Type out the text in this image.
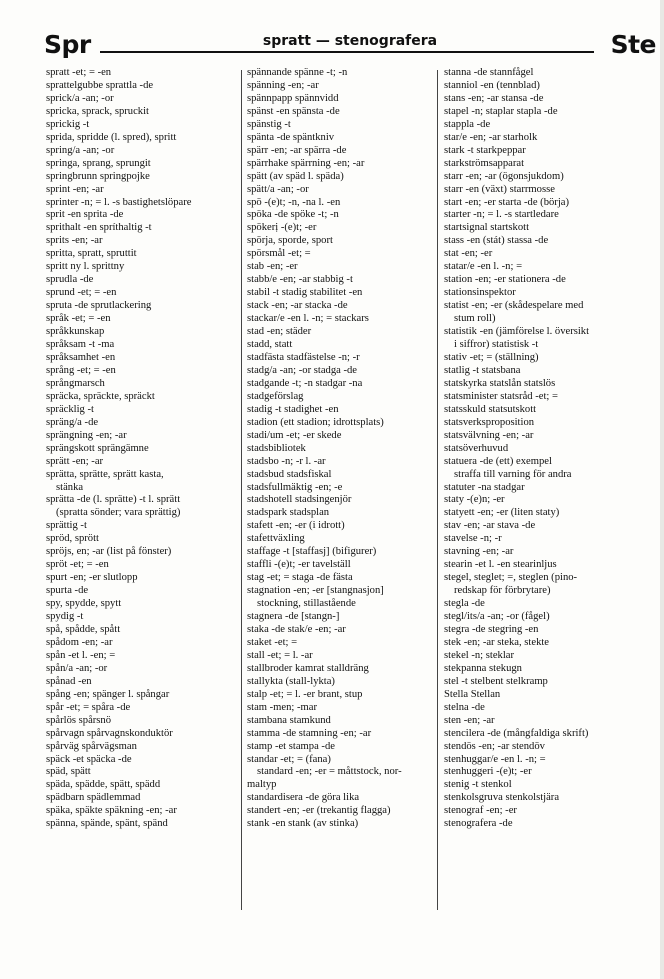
Spr	spratt — stenografera	Ste
spratt -et; = -en
sprattelgubbe sprattla -de
sprick/a -an; -or
spricka, sprack, spruckit
sprickig -t
sprida, spridde (l. spred), spritt
spring/a -an; -or
springa, sprang, sprungit
springbrunn springpojke
sprint -en; -ar
sprinter -n; = l. -s bastighetslöpare
sprit -en sprita -de
sprithalt -en spríthaltig -t
sprits -en; -ar
spritta, spratt, spruttit
spritt ny l. sprittny
sprudla -de
sprund -et; = -en
spruta -de sprutlackering
språk -et; = -en
språkkunskap
språksam -t -ma
språksamhet -en
språng -et; = -en
språngmarsch
spräcka, spräckte, spräckt
spräcklig -t
spräng/a -de
sprängning -en; -ar
sprängskott sprängämne
sprätt -en; -ar
sprätta, sprätte, sprätt kasta,
stänka
sprätta -de (l. sprätte) -t l. sprätt
(spratta sönder; vara sprättig)
sprättig -t
spröd, sprött
spröjs, en; -ar (list på fönster)
spröt -et; = -en
spurt -en; -er slutlopp
spurta -de
spy, spydde, spytt
spydig -t
spå, spådde, spått
spådom -en; -ar
spån -et l. -en; =
spån/a -an; -or
spånad -en
spång -en; spänger l. spångar
spår -et; = spåra -de
spårlös spårsnö
spårvagn spårvagnskonduktör
spårväg spårvägsman
späck -et späcka -de
späd, spätt
späda, spädde, spätt, spädd
spädbarn spädlemmad
späka, späkte späkning -en; -ar
spänna, spände, spänt, spänd
spännande spänne -t; -n
spänning -en; -ar
spännpapp spännvidd
spänst -en spänsta -de
spänstig -t
spänta -de späntkniv
spärr -en; -ar spärra -de
spärrhake spärrning -en; -ar
spätt (av späd l. späda)
spätt/a -an; -or
spö -(e)t; -n, -na l. -en
spöka -de spöke -t; -n
spökerị -(e)t; -er
spörja, sporde, sport
spörsmål -et; =
stab -en; -er
stabb/e -en; -ar stabbig -t
stabil -t stadig stabilitet -en
stack -en; -ar stacka -de
stackar/e -en l. -n; = stackars
stad -en; städer
stadd, statt
stadfästa stadfästelse -n; -r
stadg/a -an; -or stadga -de
stadgande -t; -n stadgar -na
stadgeförslag
stadig -t stadighet -en
stadion (ett stadion; idrottsplats)
stadi/um -et; -er skede
stadsbibliotek
stadsbo -n; -r l. -ar
stadsbud stadsfiskal
stadsfullmäktig -en; -e
stadshotell stadsingenjör
stadspark stadsplan
stafett -en; -er (i idrott)
stafettväxling
staffage -t [staffasj] (bifigurer)
staffli -(e)t; -er tavelställ
stag -et; = staga -de fästa
stagnation -en; -er [stangnasjon]
stockning, stillastående
stagnera -de [stangn-]
staka -de stak/e -en; -ar
staket -et; =
stall -et; = l. -ar
stallbroder kamrat stalldräng
stallykta (stall-lykta)
stalp -et; = l. -er brant, stup
stam -men; -mar
stambana stamkund
stamma -de stamning -en; -ar
stamp -et stampa -de
standar -et; = (fana)
standard -en; -er = måttstock, nor-
maltyp
standardisera -de göra lika
standert -en; -er (trekantig flagga)
stank -en stank (av stinka)
stanna -de stannfågel
stanniol -en (tennblad)
stans -en; -ar stansa -de
stapel -n; staplar stapla -de
stappla -de
star/e -en; -ar starholk
stark -t starkpeppar
starkströmsapparat
starr -en; -ar (ögonsjukdom)
starr -en (växt) starrmosse
start -en; -er starta -de (börja)
starter -n; = l. -s startledare
startsignal startskott
stass -en (stát) stassa -de
stat -en; -er
statar/e -en l. -n; =
station -en; -er stationera -de
stationsinspektor
statist -en; -er (skådespelare med
stum roll)
statistik -en (jämförelse l. översikt
i siffror) statistisk -t
stativ -et; = (ställning)
statlig -t statsbana
statskyrka statslån statslös
statsminister statsråd -et; =
statsskuld statsutskott
statsverksproposition
statsvälvning -en; -ar
statsöverhuvud
statuera -de (ett) exempel
straffa till varning för andra
statuter -na stadgar
staty -(e)n; -er
statyett -en; -er (liten staty)
stav -en; -ar stava -de
stavelse -n; -r
stavning -en; -ar
stearin -et l. -en stearinljus
stegel, steglet; =, steglen (pino-
redskap för förbrytare)
stegla -de
stegl/its/a -an; -or (fågel)
stegra -de stegring -en
stek -en; -ar steka, stekte
stekel -n; steklar
stekpanna stekugn
stel -t stelbent stelkramp
Stella Stellan
stelna -de
sten -en; -ar
stencilera -de (mångfaldiga skrift)
stendös -en; -ar stendöv
stenhuggar/e -en l. -n; =
stenhuggeri -(e)t; -er
stenig -t stenkol
stenkolsgruva stenkolstjära
stenograf -en; -er
stenografera -de
